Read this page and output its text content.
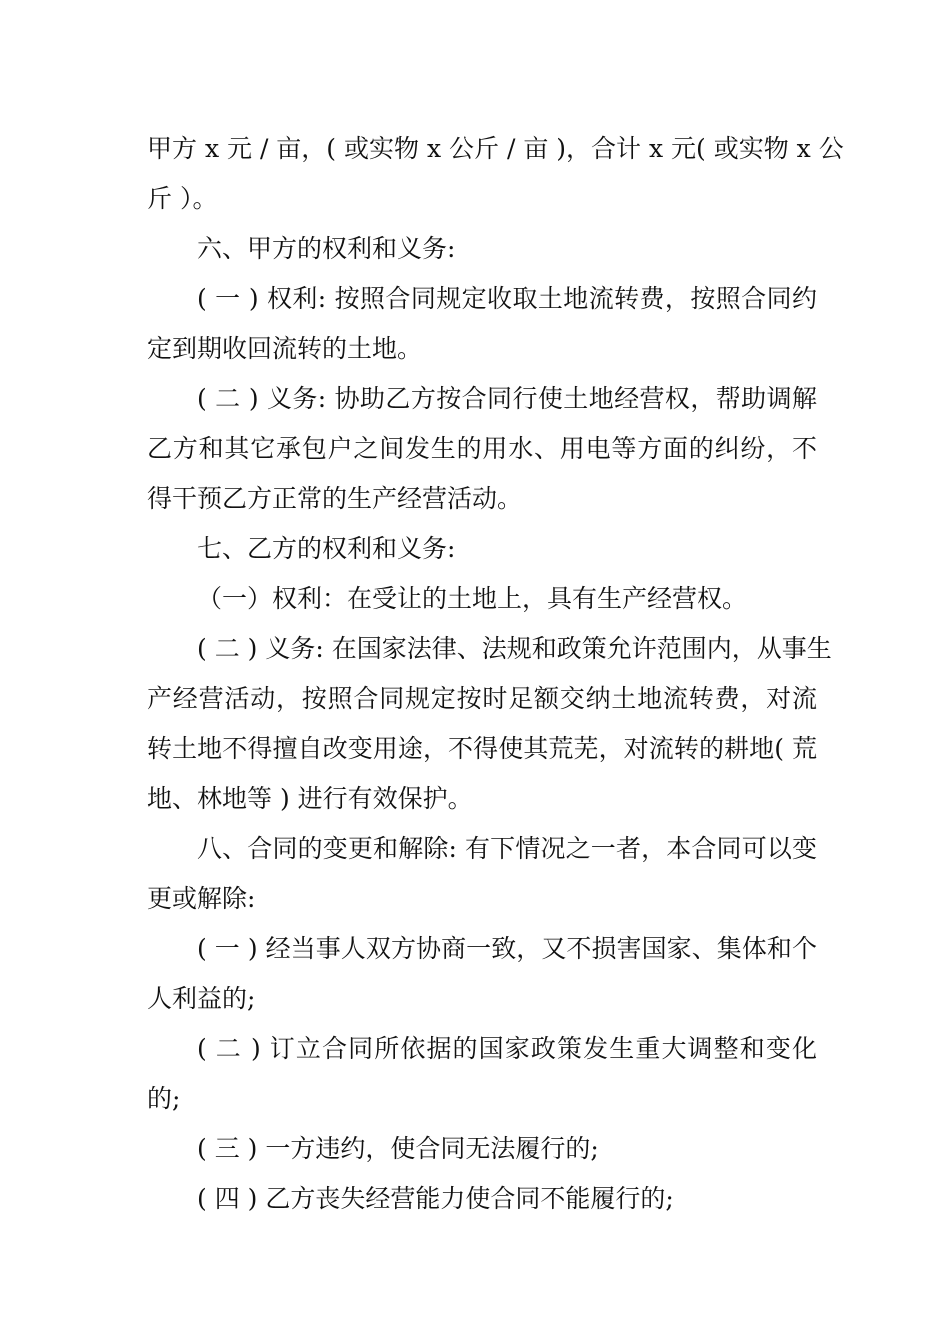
甲方 x 元 / 亩，( 或实物 x 公斤 / 亩 )，合计 x 元( 或实物 x 公
斤 ）。
六、甲方的权利和义务:
( 一 ) 权利: 按照合同规定收取土地流转费，按照合同约
定到期收回流转的土地。
( 二 ) 义务: 协助乙方按合同行使土地经营权，帮助调解
乙方和其它承包户之间发生的用水、用电等方面的纠纷，不
得干预乙方正常的生产经营活动。
七、乙方的权利和义务:
（一）权利：在受让的土地上，具有生产经营权。
( 二 ) 义务: 在国家法律、法规和政策允许范围内，从事生
产经营活动，按照合同规定按时足额交纳土地流转费，对流
转土地不得擅自改变用途，不得使其荒芜，对流转的耕地( 荒
地、林地等 ) 进行有效保护。
八、合同的变更和解除: 有下情况之一者，本合同可以变
更或解除:
( 一 ) 经当事人双方协商一致，又不损害国家、集体和个
人利益的;
( 二 ) 订立合同所依据的国家政策发生重大调整和变化
的;
( 三 ) 一方违约，使合同无法履行的;
( 四 ) 乙方丧失经营能力使合同不能履行的;
